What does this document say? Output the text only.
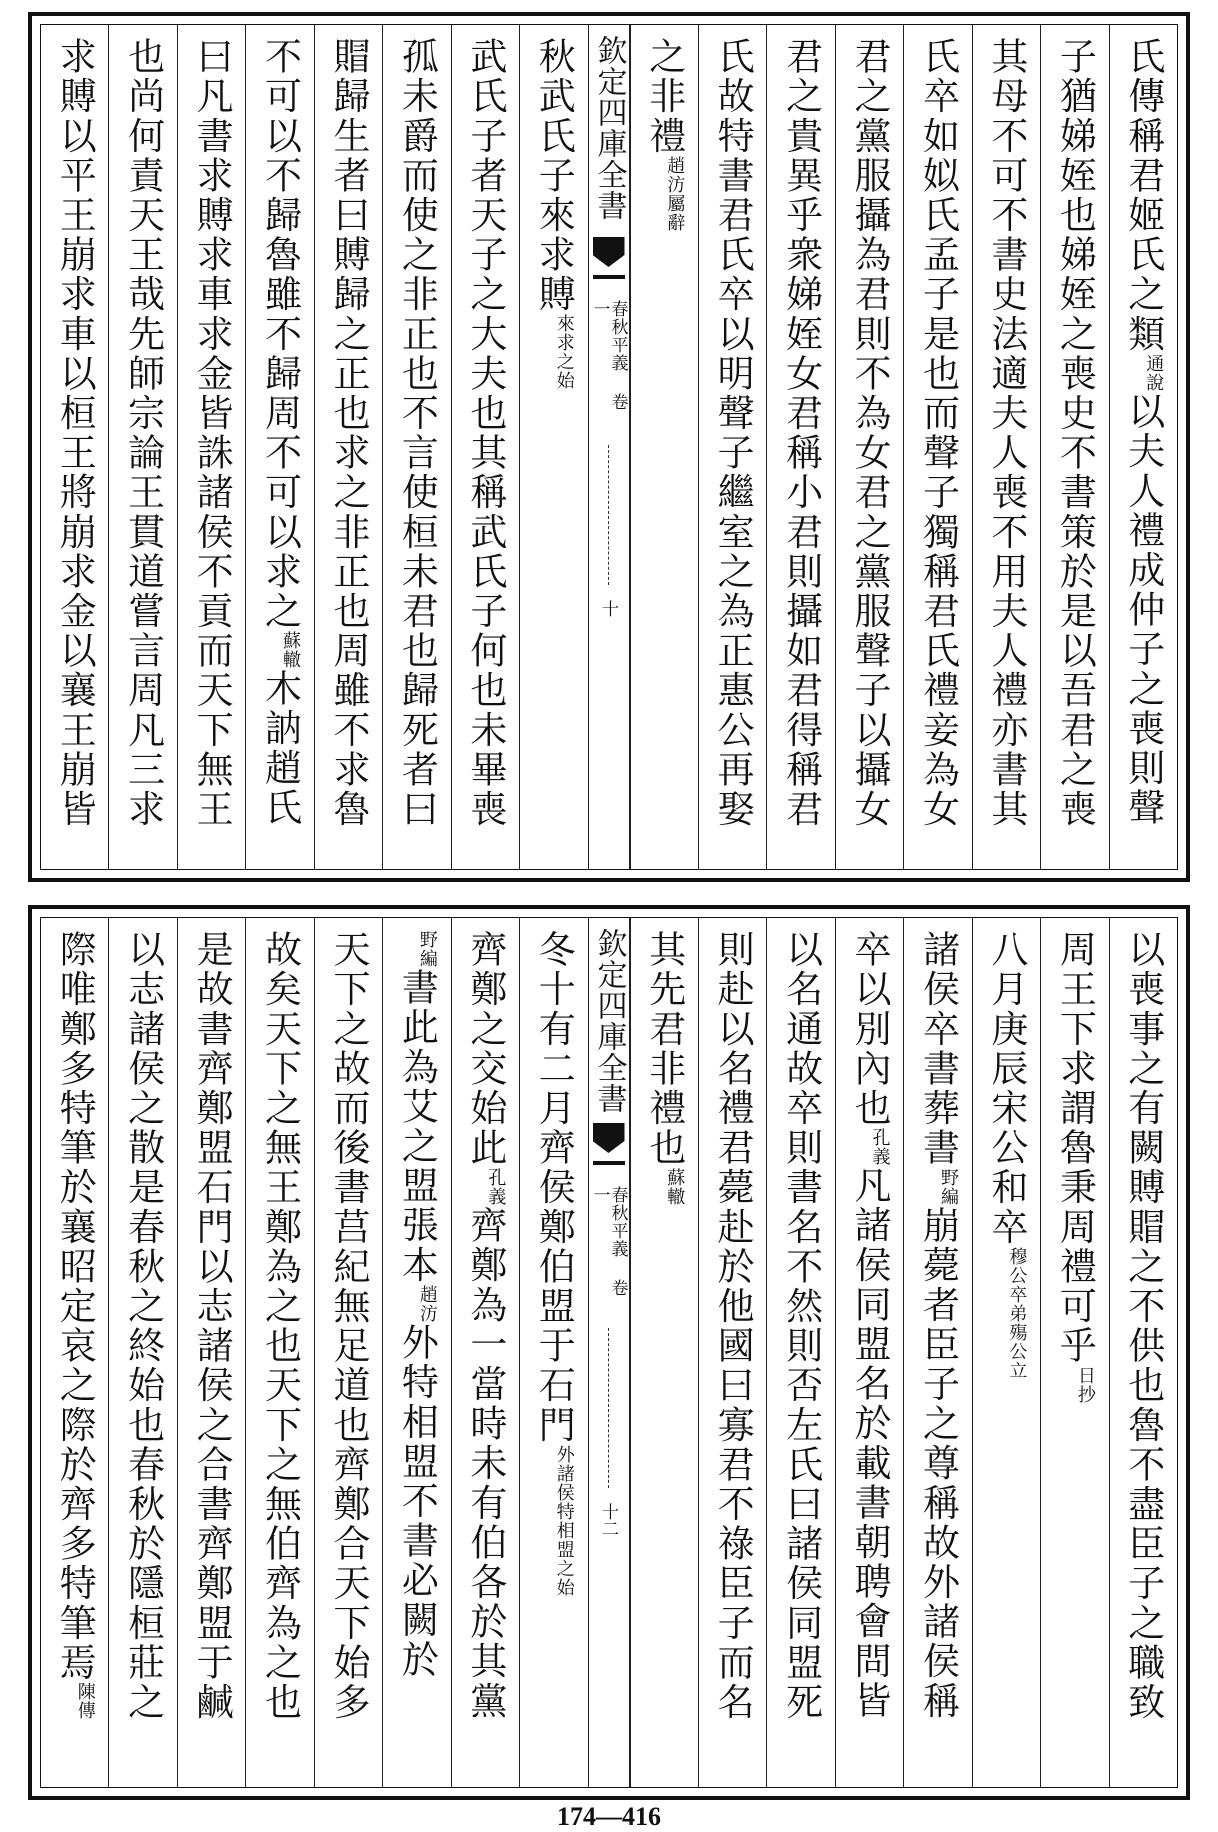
氏傳稱君姬氏之類
通說
以夫人禮成仲子之喪則聲
子猶娣姪也娣姪之喪史不書策於是以吾君之喪
其母不可不書史法適夫人喪不用夫人禮亦書其
氏卒如姒氏孟子是也而聲子獨稱君氏禮妾為女
君之黨服攝為君則不為女君之黨服聲子以攝女
君之貴異乎衆娣姪女君稱小君則攝如君得稱君
氏故特書君氏卒以明聲子繼室之為正惠公再娶
之非禮
趙汸屬辭
欽定四庫全書
春秋平義 卷一
十
秋武氏子來求賻
來求之始
武氏子者天子之大夫也其稱武氏子何也未畢喪
孤未爵而使之非正也不言使桓未君也歸死者曰
賵歸生者曰賻歸之正也求之非正也周雖不求魯
不可以不歸魯雖不歸周不可以求之
蘇轍
木訥趙氏
曰凡書求賻求車求金皆誅諸侯不貢而天下無王
也尚何責天王哉先師宗論王貫道嘗言周凡三求
求賻以平王崩求車以桓王將崩求金以襄王崩皆
以喪事之有闕賻賵之不供也魯不盡臣子之職致
周王下求謂魯秉周禮可乎
日抄
八月庚辰宋公和卒
穆公卒弟殤公立
諸侯卒書葬書
野編
崩薨者臣子之尊稱故外諸侯稱
卒以別內也
孔義
凡諸侯同盟名於載書朝聘會問皆
以名通故卒則書名不然則否左氏曰諸侯同盟死
則赴以名禮君薨赴於他國曰寡君不祿臣子而名
其先君非禮也
蘇轍
欽定四庫全書
春秋平義 卷一
十二
冬十有二月齊侯鄭伯盟于石門
外諸侯特相盟之始
齊鄭之交始此
孔義
齊鄭為一當時未有伯各於其黨
野編
書此為艾之盟張本
趙汸
外特相盟不書必闕於
天下之故而後書莒紀無足道也齊鄭合天下始多
故矣天下之無王鄭為之也天下之無伯齊為之也
是故書齊鄭盟石門以志諸侯之合書齊鄭盟于鹹
以志諸侯之散是春秋之終始也春秋於隱桓莊之
際唯鄭多特筆於襄昭定哀之際於齊多特筆焉
陳傳
174—416
